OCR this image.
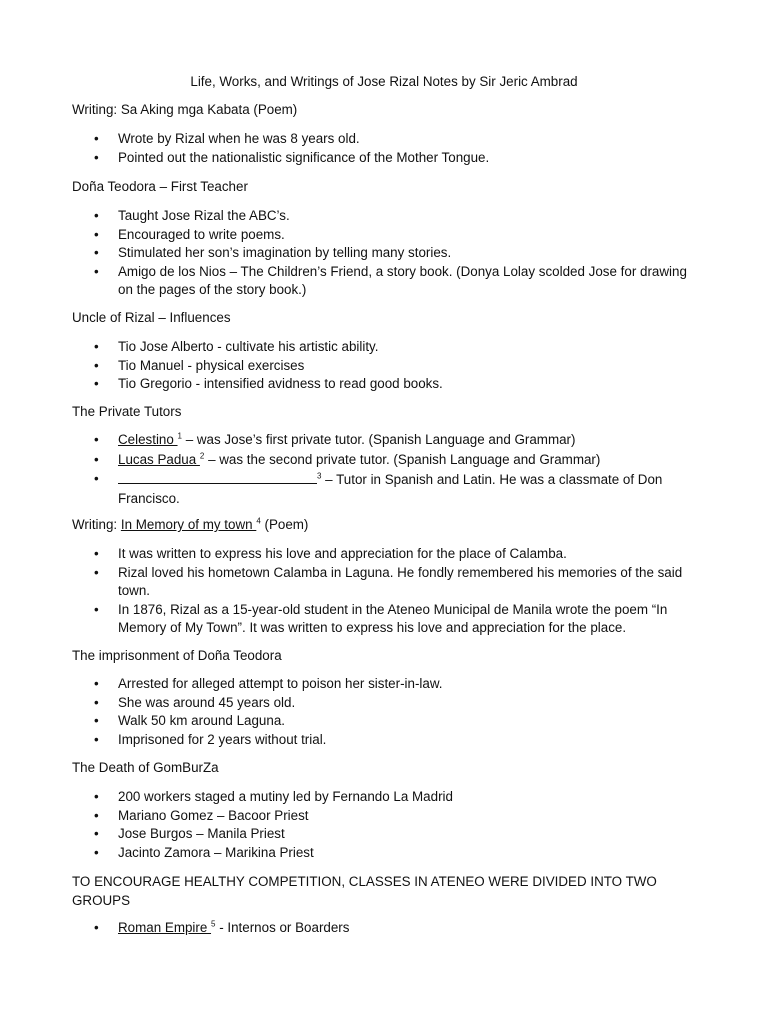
Life, Works, and Writings of Jose Rizal Notes by Sir Jeric Ambrad

Writing: Sa Aking mga Kabata (Poem)

• Wrote by Rizal when he was 8 years old.
• Pointed out the nationalistic significance of the Mother Tongue.

Doña Teodora – First Teacher

• Taught Jose Rizal the ABC’s.
• Encouraged to write poems.
• Stimulated her son’s imagination by telling many stories.
• Amigo de los Nios – The Children’s Friend, a story book. (Donya Lolay scolded Jose for drawing on the pages of the story book.)

Uncle of Rizal – Influences

• Tio Jose Alberto - cultivate his artistic ability.
• Tio Manuel - physical exercises
• Tio Gregorio - intensified avidness to read good books.

The Private Tutors

• Celestino $^1$ – was Jose’s first private tutor. (Spanish Language and Grammar)
• Lucas Padua $^2$ – was the second private tutor. (Spanish Language and Grammar)
•	$^3$ – Tutor in Spanish and Latin. He was a classmate of Don Francisco.

Writing: In Memory of my town $^4$ (Poem)

• It was written to express his love and appreciation for the place of Calamba.
• Rizal loved his hometown Calamba in Laguna. He fondly remembered his memories of the said town.
• In 1876, Rizal as a 15-year-old student in the Ateneo Municipal de Manila wrote the poem “In Memory of My Town”. It was written to express his love and appreciation for the place.

The imprisonment of Doña Teodora

• Arrested for alleged attempt to poison her sister-in-law.
• She was around 45 years old.
• Walk 50 km around Laguna.
• Imprisoned for 2 years without trial.

The Death of GomBurZa

• 200 workers staged a mutiny led by Fernando La Madrid
• Mariano Gomez – Bacoor Priest
• Jose Burgos – Manila Priest
• Jacinto Zamora – Marikina Priest

TO ENCOURAGE HEALTHY COMPETITION, CLASSES IN ATENEO WERE DIVIDED INTO TWO GROUPS

• Roman Empire $^5$ - Internos or Boarders
